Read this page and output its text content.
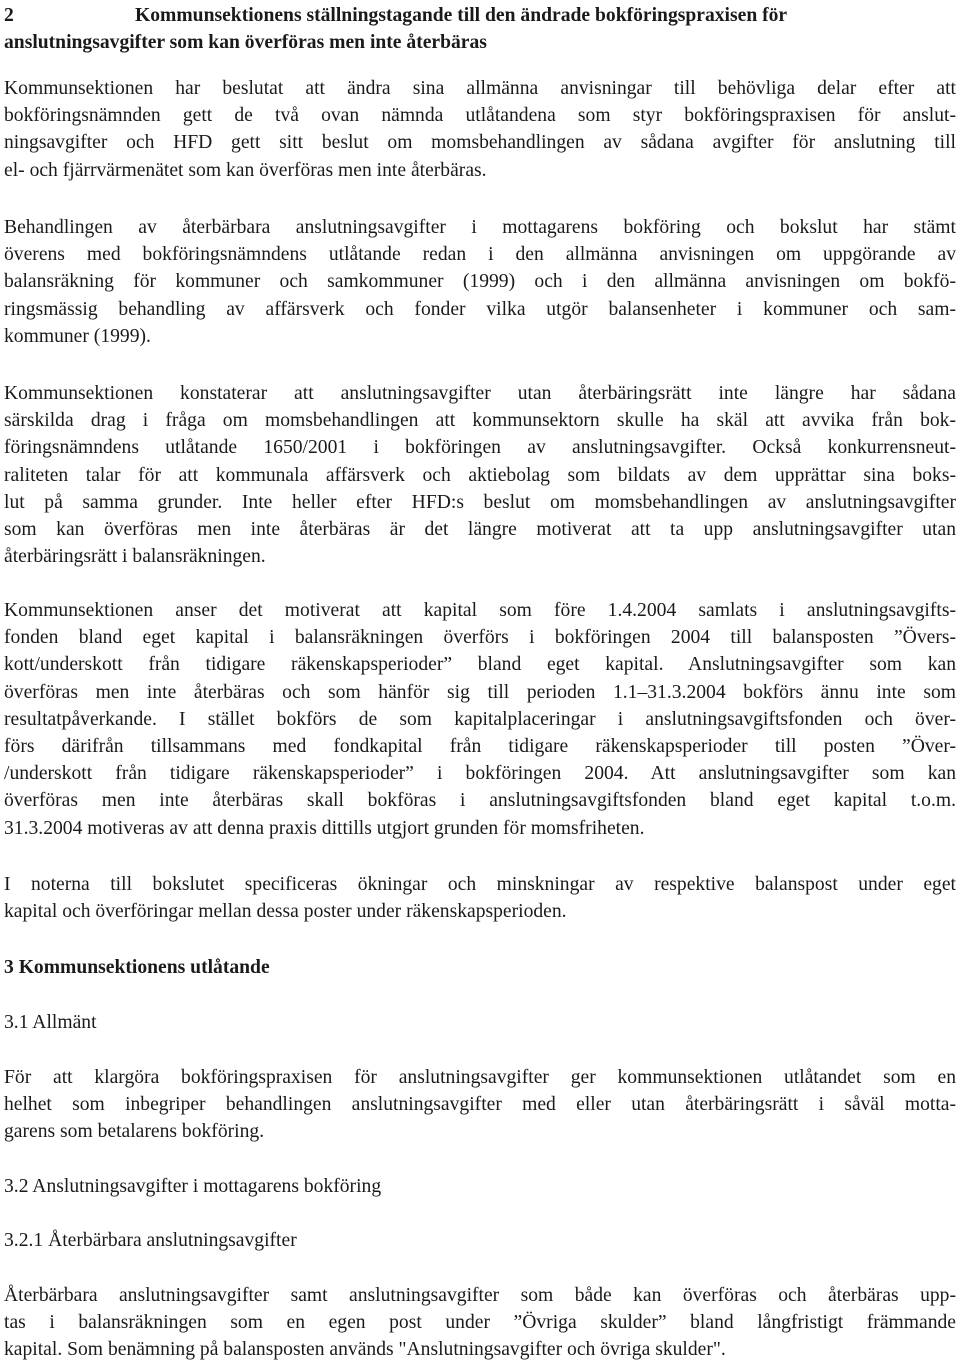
2	Kommunsektionens ställningstagande till den ändrade bokföringspraxisen för
anslutningsavgifter som kan överföras men inte återbäras
Kommunsektionen har beslutat att ändra sina allmänna anvisningar till behövliga delar efter att
bokföringsnämnden gett de två ovan nämnda utlåtandena som styr bokföringspraxisen för anslut-
ningsavgifter och HFD gett sitt beslut om momsbehandlingen av sådana avgifter för anslutning till
el- och fjärrvärmenätet som kan överföras men inte återbäras.
Behandlingen av återbärbara anslutningsavgifter i mottagarens bokföring och bokslut har stämt
överens med bokföringsnämndens utlåtande redan i den allmänna anvisningen om uppgörande av
balansräkning för kommuner och samkommuner (1999) och i den allmänna anvisningen om bokfö-
ringsmässig behandling av affärsverk och fonder vilka utgör balansenheter i kommuner och sam-
kommuner (1999).
Kommunsektionen konstaterar att anslutningsavgifter utan återbäringsrätt inte längre har sådana
särskilda drag i fråga om momsbehandlingen att kommunsektorn skulle ha skäl att avvika från bok-
föringsnämndens utlåtande 1650/2001 i bokföringen av anslutningsavgifter. Också konkurrensneut-
raliteten talar för att kommunala affärsverk och aktiebolag som bildats av dem upprättar sina boks-
lut på samma grunder. Inte heller efter HFD:s beslut om momsbehandlingen av anslutningsavgifter
som kan överföras men inte återbäras är det längre motiverat att ta upp anslutningsavgifter utan
återbäringsrätt i balansräkningen.
Kommunsektionen anser det motiverat att kapital som före 1.4.2004 samlats i anslutningsavgifts-
fonden bland eget kapital i balansräkningen överförs i bokföringen 2004 till balansposten ”Övers-
kott/underskott från tidigare räkenskapsperioder” bland eget kapital. Anslutningsavgifter som kan
överföras men inte återbäras och som hänför sig till perioden 1.1–31.3.2004 bokförs ännu inte som
resultatpåverkande. I stället bokförs de som kapitalplaceringar i anslutningsavgiftsfonden och över-
förs därifrån tillsammans med fondkapital från tidigare räkenskapsperioder till posten ”Över-
/underskott från tidigare räkenskapsperioder” i bokföringen 2004. Att anslutningsavgifter som kan
överföras men inte återbäras skall bokföras i anslutningsavgiftsfonden bland eget kapital t.o.m.
31.3.2004 motiveras av att denna praxis dittills utgjort grunden för momsfriheten.
I noterna till bokslutet specificeras ökningar och minskningar av respektive balanspost under eget
kapital och överföringar mellan dessa poster under räkenskapsperioden.
3 Kommunsektionens utlåtande
3.1 Allmänt
För att klargöra bokföringspraxisen för anslutningsavgifter ger kommunsektionen utlåtandet som en
helhet som inbegriper behandlingen anslutningsavgifter med eller utan återbäringsrätt i såväl motta-
garens som betalarens bokföring.
3.2 Anslutningsavgifter i mottagarens bokföring
3.2.1 Återbärbara anslutningsavgifter
Återbärbara anslutningsavgifter samt anslutningsavgifter som både kan överföras och återbäras upp-
tas i balansräkningen som en egen post under ”Övriga skulder” bland långfristigt främmande
kapital. Som benämning på balansposten används "Anslutningsavgifter och övriga skulder".
